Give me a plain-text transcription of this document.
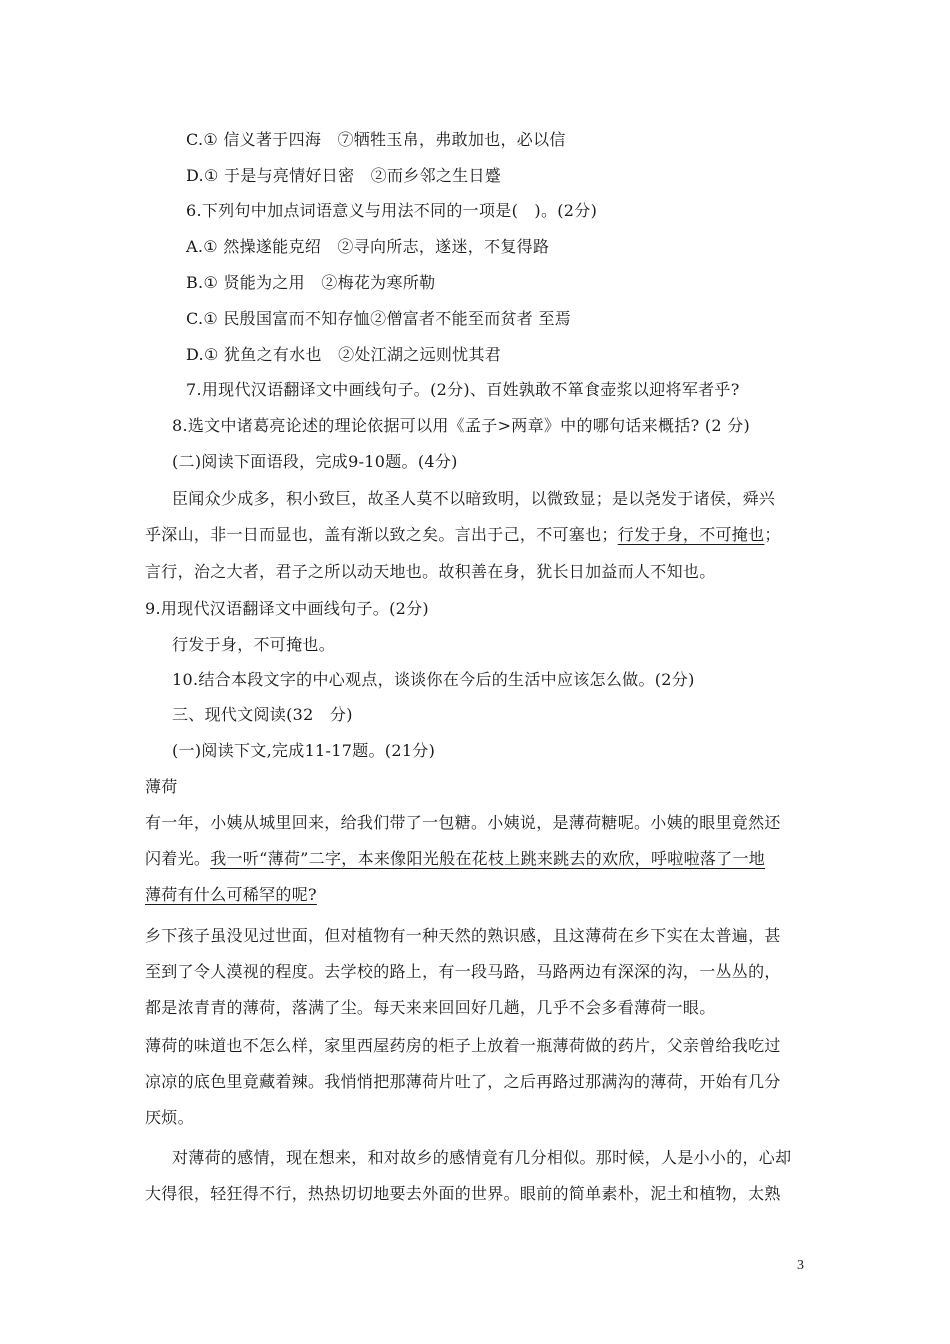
C.① 信义著于四海　⑦牺牲玉帛，弗敢加也，必以信
D.① 于是与亮情好日密　②而乡邻之生日蹙
6.下列句中加点词语意义与用法不同的一项是(　)。(2分)
A.① 然操遂能克绍　②寻向所志，遂迷，不复得路
B.① 贤能为之用　②梅花为寒所勒
C.① 民殷国富而不知存恤②僧富者不能至而贫者 至焉
D.① 犹鱼之有水也　②处江湖之远则忧其君
7.用现代汉语翻译文中画线句子。(2分)、百姓孰敢不箪食壶浆以迎将军者乎?
8.选文中诸葛亮论述的理论依据可以用《孟子>两章》中的哪句话来概括? (2 分)
(二)阅读下面语段，完成9-10题。(4分)
臣闻众少成多，积小致巨，故圣人莫不以暗致明，以微致显；是以尧发于诸侯，舜兴
乎深山，非一日而显也，盖有渐以致之矣。言出于己，不可塞也；行发于身，不可掩也；
言行，治之大者，君子之所以动天地也。故积善在身，犹长日加益而人不知也。
9.用现代汉语翻译文中画线句子。(2分)
行发于身，不可掩也。
10.结合本段文字的中心观点，谈谈你在今后的生活中应该怎么做。(2分)
三、现代文阅读(32　分)
(一)阅读下文,完成11-17题。(21分)
薄荷
有一年，小姨从城里回来，给我们带了一包糖。小姨说，是薄荷糖呢。小姨的眼里竟然还
闪着光。我一听“薄荷”二字，本来像阳光般在花枝上跳来跳去的欢欣，呼啦啦落了一地
薄荷有什么可稀罕的呢?
乡下孩子虽没见过世面，但对植物有一种天然的熟识感，且这薄荷在乡下实在太普遍，甚
至到了令人漠视的程度。去学校的路上，有一段马路，马路两边有深深的沟，一丛丛的，
都是浓青青的薄荷，落满了尘。每天来来回回好几趟，几乎不会多看薄荷一眼。
薄荷的味道也不怎么样，家里西屋药房的柜子上放着一瓶薄荷做的药片，父亲曾给我吃过
凉凉的底色里竟藏着辣。我悄悄把那薄荷片吐了，之后再路过那满沟的薄荷，开始有几分
厌烦。
对薄荷的感情，现在想来，和对故乡的感情竟有几分相似。那时候，人是小小的，心却
大得很，轻狂得不行，热热切切地要去外面的世界。眼前的简单素朴，泥土和植物，太熟
3
